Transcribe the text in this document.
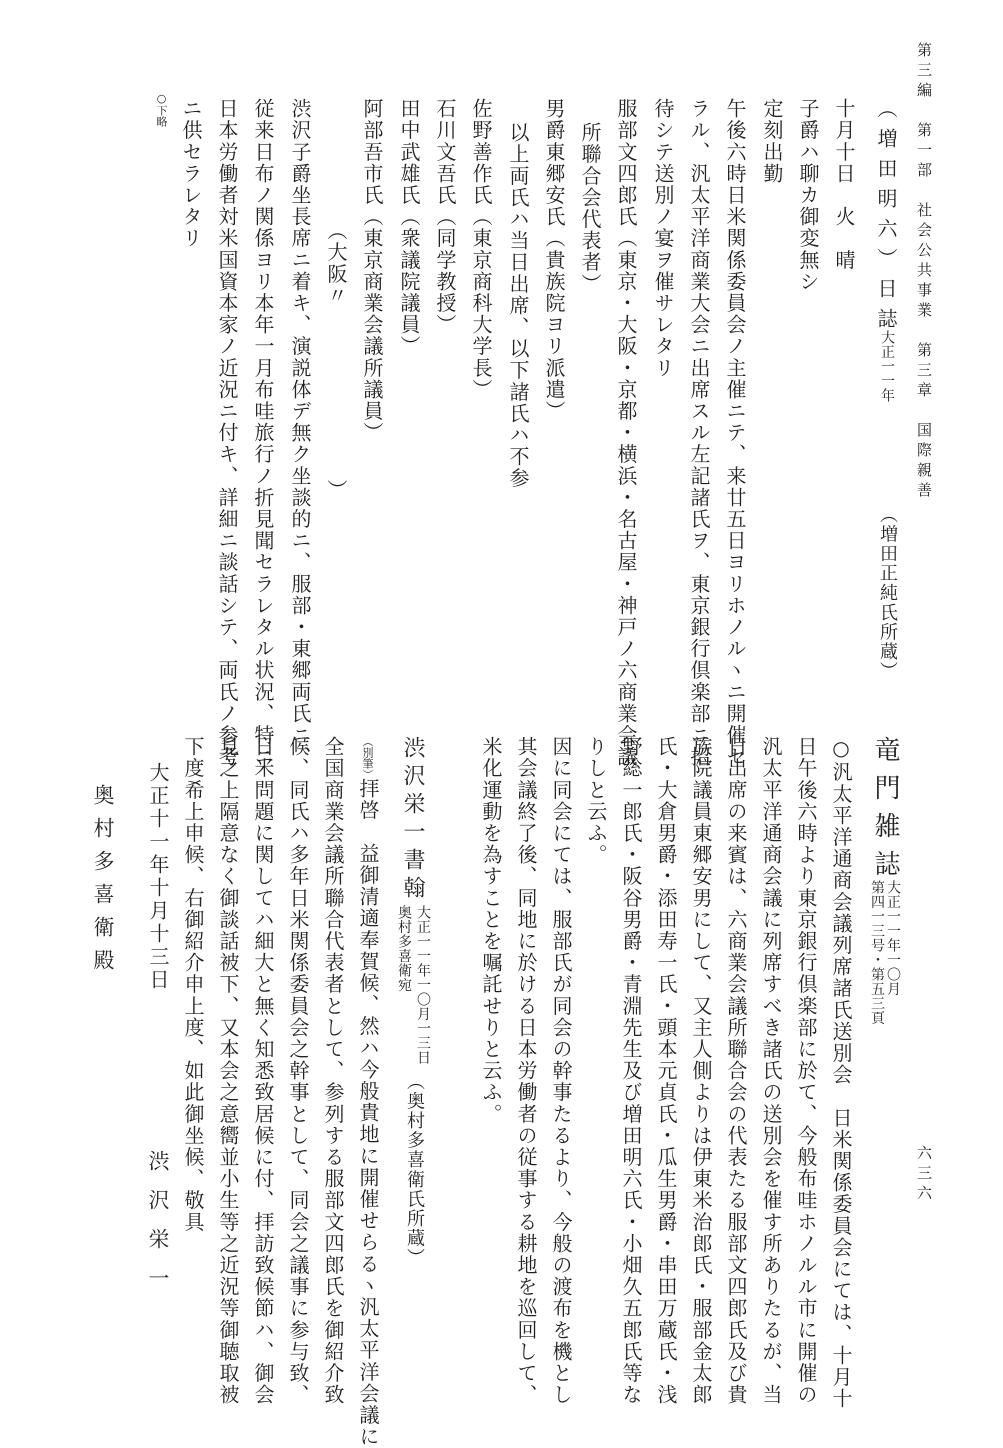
第三編　第一部　社会公共事業　第三章　国際親善
六三六
（増田明六）日誌
大正一一年
（増田正純氏所蔵）
十月十日　火　晴
子爵ハ聊カ御変無シ
定刻出勤
午後六時日米関係委員会ノ主催ニテ、来廿五日ヨリホノルヽニ開催セ
ラル、汎太平洋商業大会ニ出席スル左記諸氏ヲ、東京銀行倶楽部ニ招
待シテ送別ノ宴ヲ催サレタリ
服部文四郎氏（東京・大阪・京都・横浜・名古屋・神戸ノ六商業会議
所聯合会代表者）
男爵東郷安氏（貴族院ヨリ派遣）
以上両氏ハ当日出席、以下諸氏ハ不参
佐野善作氏（東京商科大学長）
石川文吾氏（同学教授）
田中武雄氏（衆議院議員）
阿部吾市氏（東京商業会議所議員）
（大阪〃　　　　　　　　）
渋沢子爵坐長席ニ着キ、演説体デ無ク坐談的ニ、服部・東郷両氏ニ、
従来日布ノ関係ヨリ本年一月布哇旅行ノ折見聞セラレタル状況、特ニ
日本労働者対米国資本家ノ近況ニ付キ、詳細ニ談話シテ、両氏ノ参考
ニ供セラレタリ
○下略
竜門雑誌
第四一三号・第五三頁 大正一一年一〇月
○汎太平洋通商会議列席諸氏送別会　日米関係委員会にては、十月十
日午後六時より東京銀行倶楽部に於て、今般布哇ホノルル市に開催の
汎太平洋通商会議に列席すべき諸氏の送別会を催す所ありたるが、当
日出席の来賓は、六商業会議所聯合会の代表たる服部文四郎氏及び貴
族院議員東郷安男にして、又主人側よりは伊東米治郎氏・服部金太郎
氏・大倉男爵・添田寿一氏・頭本元貞氏・瓜生男爵・串田万蔵氏・浅
野総一郎氏・阪谷男爵・青淵先生及び増田明六氏・小畑久五郎氏等な
りしと云ふ。
因に同会にては、服部氏が同会の幹事たるより、今般の渡布を機とし
其会議終了後、同地に於ける日本労働者の従事する耕地を巡回して、
米化運動を為すことを嘱託せりと云ふ。
渋沢栄一書翰
奥村多喜衛宛 大正一一年一〇月一三日
（奥村多喜衛氏所蔵）
（別筆）
拝啓　益御清適奉賀候、然ハ今般貴地に開催せらるヽ汎太平洋会議に
全国商業会議所聯合代表者として、参列する服部文四郎氏を御紹介致
候、同氏ハ多年日米関係委員会之幹事として、同会之議事に参与致、
日米問題に関してハ細大と無く知悉致居候に付、拝訪致候節ハ、御会
見之上隔意なく御談話被下、又本会之意嚮並小生等之近況等御聴取被
下度希上申候、右御紹介申上度、如此御坐候、敬具
大正十一年十月十三日
渋沢栄一
奥村多喜衛殿
